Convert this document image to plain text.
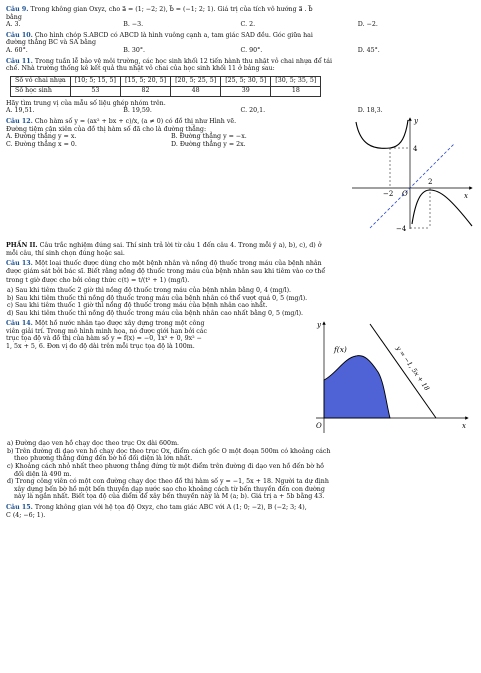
Câu 9. Trong không gian Oxyz, cho a⃗ = (1; −2; 2), b⃗ = (−1; 2; 1). Giá trị của tích vô hướng a⃗ . b⃗

bằng

A. 3.	B. −3.	C. 2.	D. −2.

Câu 10. Cho hình chóp S.ABCD có ABCD là hình vuông cạnh a, tam giác SAD đều. Góc giữa hai

đường thẳng BC và SA bằng

A. 60°.	B. 30°.	C. 90°.	D. 45°.

Câu 11. Trong tuần lễ bảo vệ môi trường, các học sinh khối 12 tiến hành thu nhặt vỏ chai nhựa để tái

chế. Nhà trường thống kê kết quả thu nhặt vỏ chai của học sinh khối 11 ở bảng sau:

Số vỏ chai nhựa	[10; 5; 15, 5]	[15, 5; 20, 5]	[20, 5; 25, 5]	[25, 5; 30, 5]	[30, 5; 35, 5]
Số học sinh	53	82	48	39	18

Hãy tìm trung vị của mẫu số liệu ghép nhóm trên.

A. 19,51.	B. 19,59.	C. 20,1.	D. 18,3.

Câu 12. Cho hàm số y = (ax² + bx + c)/x, (a ≠ 0) có đồ thị như Hình vẽ.

Đường tiệm cận xiên của đồ thị hàm số đã cho là đường thẳng:

A. Đường thẳng y = x.	B. Đường thẳng y = −x.
C. Đường thẳng x = 0.	D. Đường thẳng y = 2x.
y
x
O
4
−4
2
−2

PHẦN II. Câu trắc nghiệm đúng sai. Thí sinh trả lời từ câu 1 đến câu 4. Trong mỗi ý a), b), c), d) ở

mỗi câu, thí sinh chọn đúng hoặc sai.

Câu 13. Một loại thuốc được dùng cho một bệnh nhân và nồng độ thuốc trong máu của bệnh nhân

được giám sát bởi bác sĩ. Biết rằng nồng độ thuốc trong máu của bệnh nhân sau khi tiêm vào cơ thể

trong t giờ được cho bởi công thức c(t) = t/(t² + 1) (mg/l).

a) Sau khi tiêm thuốc 2 giờ thì nồng độ thuốc trong máu của bệnh nhân bằng 0, 4 (mg/l).

b) Sau khi tiêm thuốc thì nồng độ thuốc trong máu của bệnh nhân có thể vượt quá 0, 5 (mg/l).

c) Sau khi tiêm thuốc 1 giờ thì nồng độ thuốc trong máu của bệnh nhân cao nhất.

d) Sau khi tiêm thuốc thì nồng độ thuốc trong máu của bệnh nhân cao nhất bằng 0, 5 (mg/l).

Câu 14. Một hồ nước nhân tạo được xây dựng trong một công

viên giải trí. Trong mô hình minh họa, nó được giới hạn bởi các

trục tọa độ và đồ thị của hàm số y = f(x) = −0, 1x³ + 0, 9x² −

1, 5x + 5, 6. Đơn vị đo độ dài trên mỗi trục tọa độ là 100m.

y
x
O
f(x)	y = −1, 5x + 18

a) Đường dạo ven hồ chạy dọc theo trục Ox dài 600m.

b) Trên đường đi dạo ven hồ chạy dọc theo trục Ox, điểm cách gốc O một đoạn 500m có khoảng cách

theo phương thẳng đứng đến bờ hồ đối diện là lớn nhất.

c) Khoảng cách nhỏ nhất theo phương thẳng đứng từ một điểm trên đường đi dạo ven hồ đến bờ hồ

đối diện là 490 m.

d) Trong công viên có một con đường chạy dọc theo đồ thị hàm số y = −1, 5x + 18. Người ta dự định

xây dựng bến bờ hồ một bến thuyền dạp nước sao cho khoảng cách từ bến thuyền đến con đường

này là ngắn nhất. Biết tọa độ của điểm để xây bến thuyền này là M (a; b). Giá trị a + 5b bằng 43.

Câu 15. Trong không gian với hệ tọa độ Oxyz, cho tam giác ABC với A (1; 0; −2), B (−2; 3; 4),

C (4; −6; 1).
